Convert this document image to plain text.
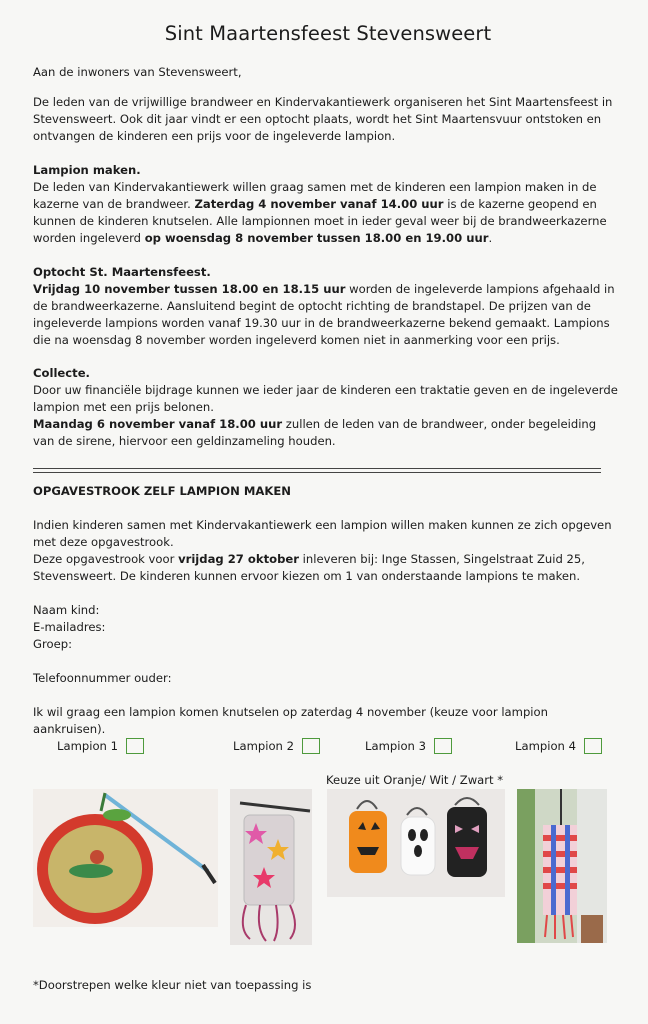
Sint Maartensfeest Stevensweert
Aan de inwoners van Stevensweert,
De leden van de vrijwillige brandweer en Kindervakantiewerk organiseren het Sint Maartensfeest in Stevensweert. Ook dit jaar vindt er een optocht plaats, wordt het Sint Maartensvuur ontstoken en ontvangen de kinderen een prijs voor de ingeleverde lampion.
Lampion maken.
De leden van Kindervakantiewerk willen graag samen met de kinderen een lampion maken in de kazerne van de brandweer. Zaterdag 4 november vanaf 14.00 uur is de kazerne geopend en kunnen de kinderen knutselen. Alle lampionnen moet in ieder geval weer bij de brandweerkazerne worden ingeleverd op woensdag 8 november tussen 18.00 en 19.00 uur.
Optocht St. Maartensfeest.
Vrijdag 10 november tussen 18.00 en 18.15 uur worden de ingeleverde lampions afgehaald in de brandweerkazerne. Aansluitend begint de optocht richting de brandstapel. De prijzen van de ingeleverde lampions worden vanaf 19.30 uur in de brandweerkazerne bekend gemaakt. Lampions die na woensdag 8 november worden ingeleverd komen niet in aanmerking voor een prijs.
Collecte.
Door uw financiële bijdrage kunnen we ieder jaar de kinderen een traktatie geven en de ingeleverde lampion met een prijs belonen.
Maandag 6 november vanaf 18.00 uur zullen de leden van de brandweer, onder begeleiding van de sirene, hiervoor een geldinzameling houden.
OPGAVESTROOK ZELF LAMPION MAKEN
Indien kinderen samen met Kindervakantiewerk een lampion willen maken kunnen ze zich opgeven met deze opgavestrook.
Deze opgavestrook voor vrijdag 27 oktober inleveren bij: Inge Stassen, Singelstraat Zuid 25, Stevensweert. De kinderen kunnen ervoor kiezen om 1 van onderstaande lampions te maken.
Naam kind:
E-mailadres:
Groep:
Telefoonnummer ouder:
Ik wil graag een lampion komen knutselen op zaterdag 4 november (keuze voor lampion aankruisen).
Lampion 1	Lampion 2	Lampion 3	Lampion 4
Keuze uit Oranje/ Wit / Zwart *
*Doorstrepen welke kleur niet van toepassing is
